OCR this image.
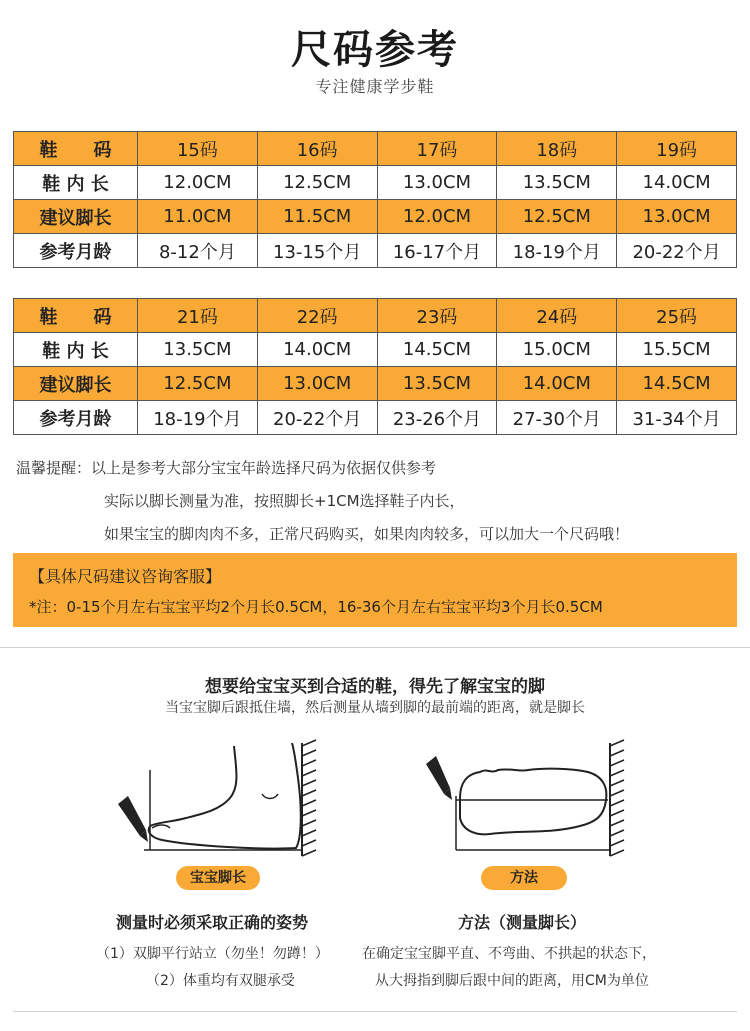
尺码参考
专注健康学步鞋
鞋　　码	15码	16码	17码	18码	19码
鞋 内 长	12.0CM	12.5CM	13.0CM	13.5CM	14.0CM
建议脚长	11.0CM	11.5CM	12.0CM	12.5CM	13.0CM
参考月龄	8-12个月	13-15个月	16-17个月	18-19个月	20-22个月
鞋　　码	21码	22码	23码	24码	25码
鞋 内 长	13.5CM	14.0CM	14.5CM	15.0CM	15.5CM
建议脚长	12.5CM	13.0CM	13.5CM	14.0CM	14.5CM
参考月龄	18-19个月	20-22个月	23-26个月	27-30个月	31-34个月
温馨提醒：以上是参考大部分宝宝年龄选择尺码为依据仅供参考
实际以脚长测量为准，按照脚长+1CM选择鞋子内长，
如果宝宝的脚肉肉不多，正常尺码购买，如果肉肉较多，可以加大一个尺码哦！
【具体尺码建议咨询客服】
*注：0-15个月左右宝宝平均2个月长0.5CM，16-36个月左右宝宝平均3个月长0.5CM
想要给宝宝买到合适的鞋，得先了解宝宝的脚
当宝宝脚后跟抵住墙，然后测量从墙到脚的最前端的距离，就是脚长
宝宝脚长	方法
测量时必须采取正确的姿势
（1）双脚平行站立（勿坐！勿蹲！）
（2）体重均有双腿承受
方法（测量脚长）
在确定宝宝脚平直、不弯曲、不拱起的状态下，
从大拇指到脚后跟中间的距离，用CM为单位
